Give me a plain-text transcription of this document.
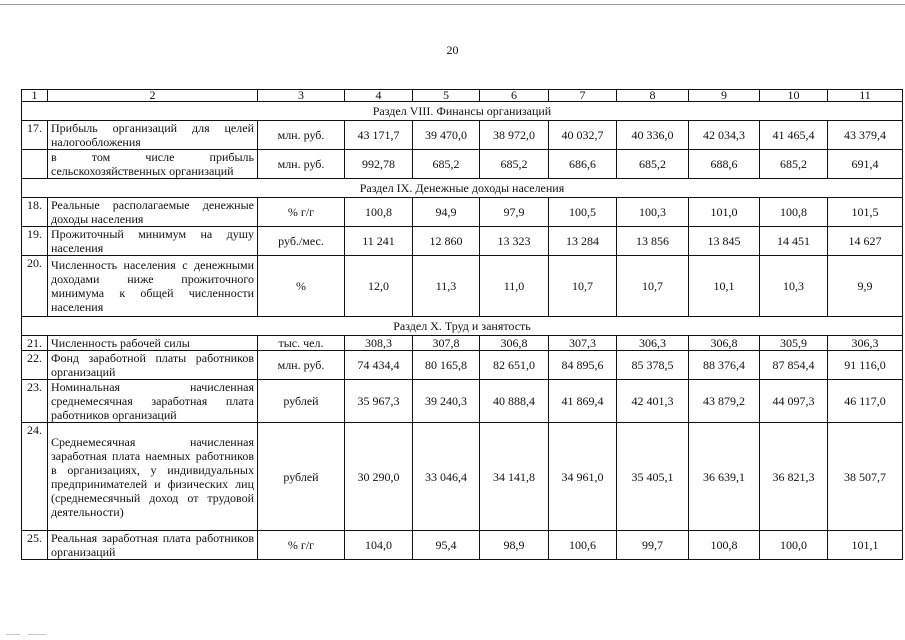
20
1	2	3	4	5	6	7	8	9	10	11
Раздел VIII. Финансы организаций										
17.	Прибыль организаций для целей налогообложения	млн. руб.	43 171,7	39 470,0	38 972,0	40 032,7	40 336,0	42 034,3	41 465,4	43 379,4
	в том числе прибыль сельскохозяйственных организаций	млн. руб.	992,78	685,2	685,2	686,6	685,2	688,6	685,2	691,4
Раздел IX. Денежные доходы населения										
18.	Реальные располагаемые денежные доходы населения	% г/г	100,8	94,9	97,9	100,5	100,3	101,0	100,8	101,5
19.	Прожиточный минимум на душу населения	руб./мес.	11 241	12 860	13 323	13 284	13 856	13 845	14 451	14 627
20.	Численность населения с денежными доходами ниже прожиточного минимума к общей численности населения	%	12,0	11,3	11,0	10,7	10,7	10,1	10,3	9,9
Раздел X. Труд и занятость										
21.	Численность рабочей силы	тыс. чел.	308,3	307,8	306,8	307,3	306,3	306,8	305,9	306,3
22.	Фонд заработной платы работников организаций	млн. руб.	74 434,4	80 165,8	82 651,0	84 895,6	85 378,5	88 376,4	87 854,4	91 116,0
23.	Номинальная начисленная среднемесячная заработная плата работников организаций	рублей	35 967,3	39 240,3	40 888,4	41 869,4	42 401,3	43 879,2	44 097,3	46 117,0
24.	Среднемесячная начисленная заработная плата наемных работников в организациях, у индивидуальных предпринимателей и физических лиц (среднемесячный доход от трудовой деятельности)	рублей	30 290,0	33 046,4	34 141,8	34 961,0	35 405,1	36 639,1	36 821,3	38 507,7
25.	Реальная заработная плата работников организаций	% г/г	104,0	95,4	98,9	100,6	99,7	100,8	100,0	101,1
